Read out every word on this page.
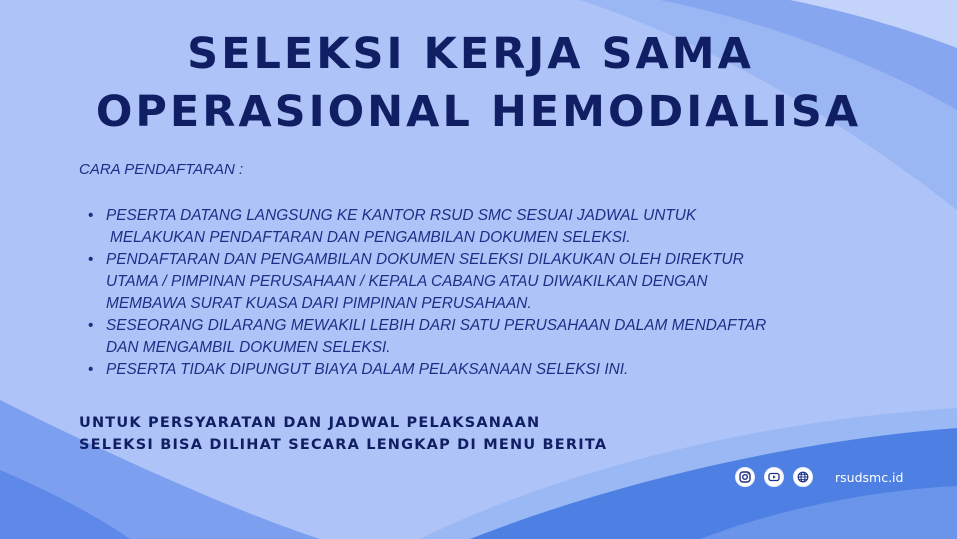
SELEKSI KERJA SAMA
OPERASIONAL HEMODIALISA
CARA PENDAFTARAN :
• PESERTA DATANG LANGSUNG KE KANTOR RSUD SMC SESUAI JADWAL UNTUK
MELAKUKAN PENDAFTARAN DAN PENGAMBILAN DOKUMEN SELEKSI.
• PENDAFTARAN DAN PENGAMBILAN DOKUMEN SELEKSI DILAKUKAN OLEH DIREKTUR
UTAMA / PIMPINAN PERUSAHAAN / KEPALA CABANG ATAU DIWAKILKAN DENGAN
MEMBAWA SURAT KUASA DARI PIMPINAN PERUSAHAAN.
• SESEORANG DILARANG MEWAKILI LEBIH DARI SATU PERUSAHAAN DALAM MENDAFTAR
DAN MENGAMBIL DOKUMEN SELEKSI.
• PESERTA TIDAK DIPUNGUT BIAYA DALAM PELAKSANAAN SELEKSI INI.
UNTUK PERSYARATAN DAN JADWAL PELAKSANAAN
SELEKSI BISA DILIHAT SECARA LENGKAP DI MENU BERITA
rsudsmc.id
